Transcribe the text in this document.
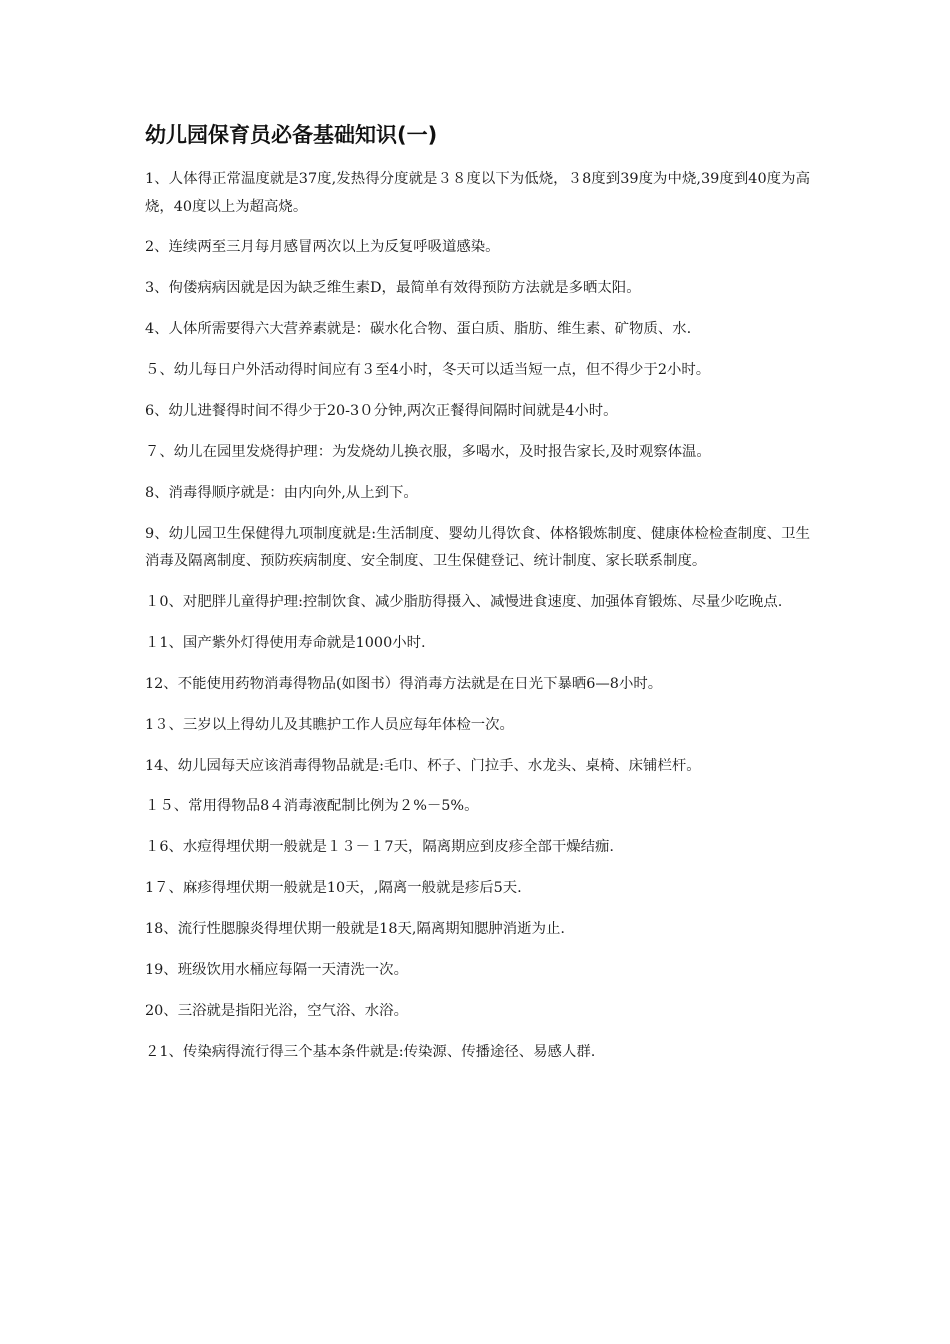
幼儿园保育员必备基础知识(一)

1、人体得正常温度就是37度,发热得分度就是３８度以下为低烧，３8度到39度为中烧,39度到40度为高烧，40度以上为超高烧。

2、连续两至三月每月感冒两次以上为反复呼吸道感染。

3、佝偻病病因就是因为缺乏维生素D，最简单有效得预防方法就是多晒太阳。

4、人体所需要得六大营养素就是：碳水化合物、蛋白质、脂肪、维生素、矿物质、水.

５、幼儿每日户外活动得时间应有３至4小时，冬天可以适当短一点，但不得少于2小时。

6、幼儿进餐得时间不得少于20-3０分钟,两次正餐得间隔时间就是4小时。

７、幼儿在园里发烧得护理：为发烧幼儿换衣服，多喝水，及时报告家长,及时观察体温。

8、消毒得顺序就是：由内向外,从上到下。

9、幼儿园卫生保健得九项制度就是:生活制度、婴幼儿得饮食、体格锻炼制度、健康体检检查制度、卫生消毒及隔离制度、预防疾病制度、安全制度、卫生保健登记、统计制度、家长联系制度。

１0、对肥胖儿童得护理:控制饮食、减少脂肪得摄入、减慢进食速度、加强体育锻炼、尽量少吃晚点.

１1、国产紫外灯得使用寿命就是1000小时.

12、不能使用药物消毒得物品(如图书）得消毒方法就是在日光下暴晒6—8小时。

1３、三岁以上得幼儿及其瞧护工作人员应每年体检一次。

14、幼儿园每天应该消毒得物品就是:毛巾、杯子、门拉手、水龙头、桌椅、床铺栏杆。

１５、常用得物品8４消毒液配制比例为２%－5%。

１6、水痘得埋伏期一般就是１３－１7天，隔离期应到皮疹全部干燥结痂.

1７、麻疹得埋伏期一般就是10天，,隔离一般就是疹后5天.

18、流行性腮腺炎得埋伏期一般就是18天,隔离期知腮肿消逝为止.

19、班级饮用水桶应每隔一天清洗一次。

20、三浴就是指阳光浴，空气浴、水浴。

２1、传染病得流行得三个基本条件就是:传染源、传播途径、易感人群.
